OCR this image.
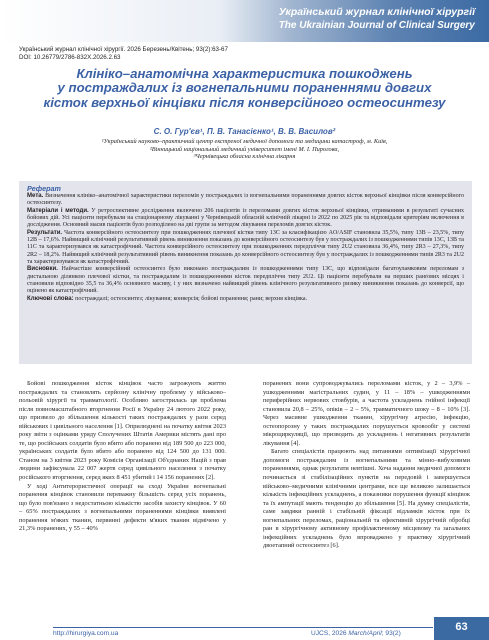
Український журнал клінічної хірургії
The Ukrainian Journal of Clinical Surgery
Український журнал клінічної хірургії. 2026 Березень/Квітень; 93(2):63-67
DOI: 10.26779/2786-832X.2026.2.63
Клініко–анатомічна характеристика пошкоджень
у постраждалих із вогнепальними пораненнями довгих
кісток верхньої кінцівки після конверсійного остеосинтезу
С. О. Гур'єв¹, П. В. Танасієнко¹, В. В. Василов²
¹Український науково–практичний центр екстреної медичної допомоги та медицини катастроф, м. Київ,
²Вінницький національний медичний університет імені М. І. Пирогова,
³Чернівецька обласна клінічна лікарня
Реферат

Мета. Визначення клініко–анатомічної характеристики переломів у постраждалих із вогнепальними пораненнями довгих кісток верхньої кінцівки після конверсійного остеосинтезу.

Матеріали і методи. У ретроспективне дослідження включено 206 пацієнтів із переломами довгих кісток верхньої кінцівки, отриманими в результаті сучасних бойових дій. Усі пацієнти перебували на стаціонарному лікуванні у Чернівецькій обласній клінічній лікарні із 2022 по 2025 рік та відповідали критеріям включення в дослідження. Основний масив пацієнтів було розподілено на дві групи за методом лікування переломів довгих кісток.

Результати. Частота конверсійного остеосинтезу при пошкодженнях плечової кістки типу 13С за класифікацією AO/ASIF становила 35,5%, типу 13В – 23,5%, типу 12В – 17,6%. Найвищий клінічний результативний рівень виникнення показань до конверсійного остеосинтезу був у постраждалих із пошкодженнями типів 13С, 13В та 11С та характеризувався як катастрофічний. Частота конверсійного остеосинтезу при пошкодженнях передпліччя типу 2U2 становила 36,4%, типу 2R3 – 27,3%, типу 2R2 – 18,2%. Найвищий клінічний результативний рівень виникнення показань до конверсійного остеосинтезу був у постраждалих із пошкодженнями типів 2R3 та 2U2 та характеризувався як катастрофічний.

Висновки. Найчастіше конверсійний остеосинтез було виконано постраждалим із пошкодженнями типу 13С, що відповідали багатоуламковим переломам з дистальною ділянкою плечової кістки, та постраждалим із пошкодженнями кісток передпліччя типу 2U2. Ці пацієнти перебували на перших ранґових місцях і становили відповідно 35,5 та 36,4% основного масиву, і у них визначено найвищий рівень клінічного результативного ризику виникнення показань до конверсії, що оцінено як катастрофічний.

Ключові слова: постраждалі; остеосинтез; лікування; конверсія; бойові поранення; рани; верхня кінцівка.

Бойові пошкодження кісток кінцівок часто загрожують життю постраждалих та становлять серйозну клінічну проблему у військово–польовій хірургії та травматології. Особливо загострилась ця проблема після повномасштабного вторгнення Росії в Україну 24 лютого 2022 року, що призвело до збільшення кількості таких постраждалих у рази серед військових і цивільного населення [1]. Оприлюднені на початку квітня 2023 року звіти з оцінками уряду Сполучених Штатів Америки містять дані про те, що російських солдатів було вбито або поранено від 189 500 до 223 000, українських солдатів було вбито або поранено від 124 500 до 131 000. Станом на 3 квітня 2023 року Комісія Організації Об'єднаних Націй з прав людини зафіксувала 22 007 жертв серед цивільного населення з початку російського вторгнення, серед яких 8 451 убитий і 14 156 поранених [2].

У ході Антитерористичної операції на сході України вогнепальні поранення кінцівок становили переважну більшість серед усіх поранень, що було пов'язано з недостатньою кількістю засобів захисту кінцівок. У 60 – 65% постраждалих з вогнепальними пораненнями кінцівки виявлені поранення м'яких тканин, первинні дефекти м'яких тканин відмічено у 21,3% поранених, у 55 – 40%

поранених вони супроводжувались переломами кісток, у 2 – 3,9% – ушкодженнями магістральних судин, у 11 – 18% – ушкодженнями периферійних нервових стовбурів, а частота ускладнень гнійної інфекції становила 20,8 – 25%, опіків – 2 – 5%, травматичного шоку – 8 – 10% [3]. Через масивне ушкодження тканин, хірургічну агресію, інфекцію, остеопорозну у таких постраждалих порушується кровообіг у системі мікроциркуляції, що призводить до ускладнень і негативних результатів лікування [4].

Багато спеціалістів працюють над питаннями оптимізації хірургічної допомоги постраждалим із вогнепальними та мінно–вибуховими пораненнями, однак результати невтішні. Хоча надання медичної допомоги починається зі стабілізаційних пунктів на передовій і завершується військово–медичними клінічними центрами, все ще великою залишається кількість інфекційних ускладнень, а показники порушення функції кінцівок та їх ампутації мають тенденцію до збільшення [5]. На думку спеціалістів, саме завдяки ранній і стабільній фіксації відламків кісток при їх вогнепальних переломах, раціональній та ефективній хірургічній обробці ран в хірургічному активному профілактичному місцевому та загальних інфекційних ускладнень було впроваджено у практику хірургічний двоетапний остеосинтез [6].

http://hirurgiya.com.ua	UJCS, 2026 March/April; 93(2)
63
